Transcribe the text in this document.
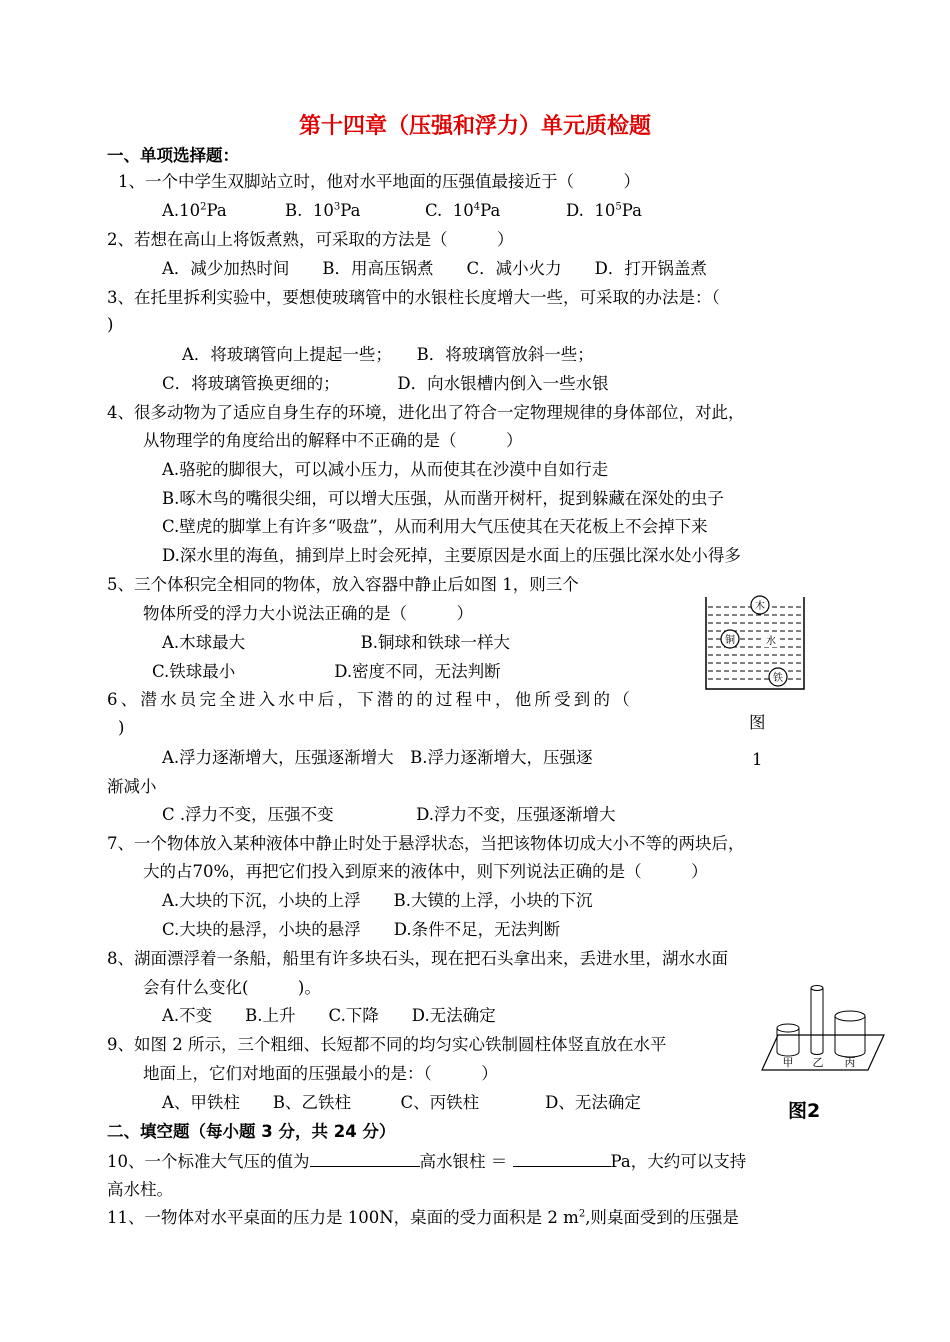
第十四章（压强和浮力）单元质检题
一、单项选择题：
1、一个中学生双脚站立时，他对水平地面的压强值最接近于（　　　）
$A.10^2Pa$	B.  $10^3Pa$	C.  $10^4Pa$	D.  $10^5Pa$
2、若想在高山上将饭煮熟，可采取的方法是（　　　）
A．减少加热时间　　B．用高压锅煮　　C．减小火力　　D．打开锅盖煮
3、在托里拆利实验中，要想使玻璃管中的水银柱长度增大一些，可采取的办法是：（
)
A．将玻璃管向上提起一些；　　B．将玻璃管放斜一些；
C．将玻璃管换更细的；　　　　D．向水银槽内倒入一些水银
4、很多动物为了适应自身生存的环境，进化出了符合一定物理规律的身体部位，对此，
从物理学的角度给出的解释中不正确的是（　　　）
A.骆驼的脚很大，可以减小压力，从而使其在沙漠中自如行走
B.啄木鸟的嘴很尖细，可以增大压强，从而凿开树杆，捉到躲藏在深处的虫子
C.壁虎的脚掌上有许多“吸盘”，从而利用大气压使其在天花板上不会掉下来
D.深水里的海鱼，捕到岸上时会死掉，主要原因是水面上的压强比深水处小得多
5、三个体积完全相同的物体，放入容器中静止后如图 1，则三个
物体所受的浮力大小说法正确的是（　　　）
A.木球最大　　　　　　　B.铜球和铁球一样大
C.铁球最小　　　　　　D.密度不同，无法判断
木
铜	水
铁
图
1
6、潜水员完全进入水中后，下潜的的过程中，他所受到的（
)
A.浮力逐渐增大，压强逐渐增大　B.浮力逐渐增大，压强逐
渐减小
C .浮力不变，压强不变　　　　　D.浮力不变，压强逐渐增大
7、一个物体放入某种液体中静止时处于悬浮状态，当把该物体切成大小不等的两块后，
大的占70%，再把它们投入到原来的液体中，则下列说法正确的是（　　　）
A.大块的下沉，小块的上浮　　B.大镆的上浮，小块的下沉
C.大块的悬浮，小块的悬浮　　D.条件不足，无法判断
8、湖面漂浮着一条船，船里有许多块石头，现在把石头拿出来，丢进水里，湖水水面
会有什么变化(　　　)。
A.不变　　B.上升　　C.下降　　D.无法确定
9、如图 2 所示，三个粗细、长短都不同的均匀实心铁制圆柱体竖直放在水平
地面上，它们对地面的压强最小的是：（　　　）
A、甲铁柱　　B、乙铁柱　　　C、丙铁柱　　　　D、无法确定
甲 乙 丙
图2
二、填空题（每小题 3 分，共 24 分）
10、一个标准大气压的值为	高水银柱 ＝	Pa，大约可以支持
高水柱。
11、一物体对水平桌面的压力是 100N，桌面的受力面积是 2 $m^2$,则桌面受到的压强是
